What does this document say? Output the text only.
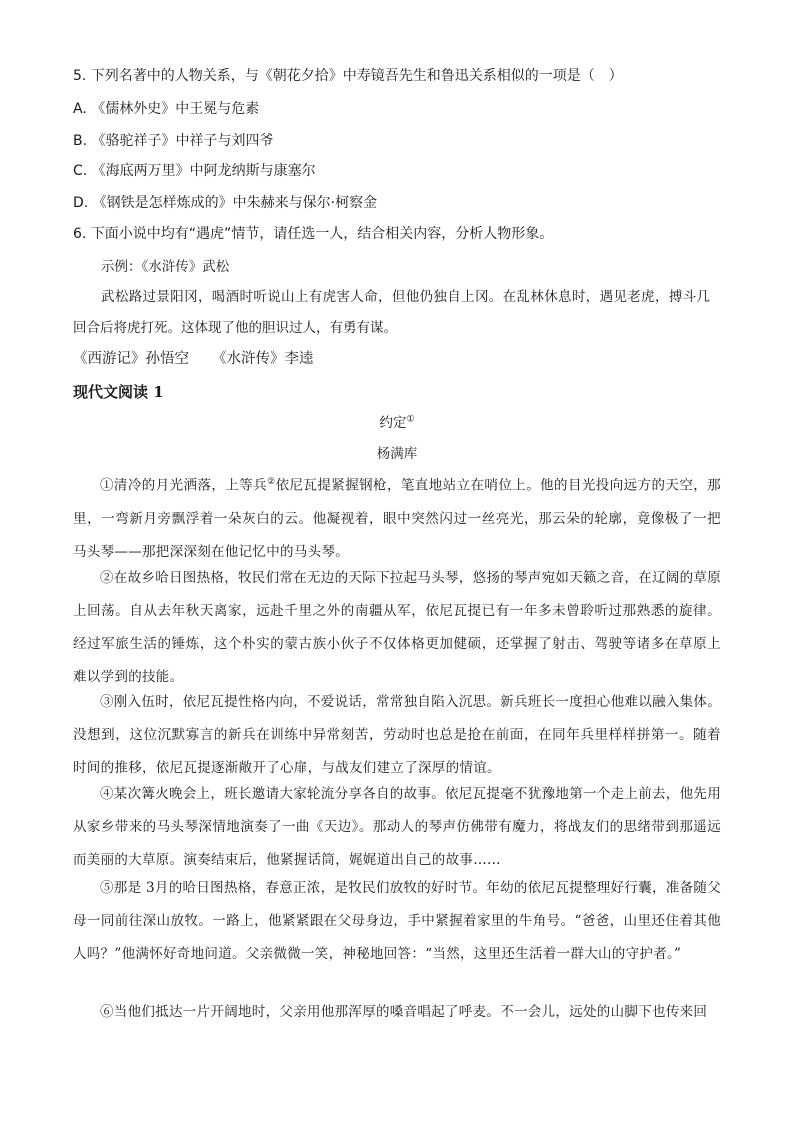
5. 下列名著中的人物关系，与《朝花夕拾》中寿镜吾先生和鲁迅关系相似的一项是（　）
A. 《儒林外史》中王冕与危素
B. 《骆驼祥子》中祥子与刘四爷
C. 《海底两万里》中阿龙纳斯与康塞尔
D. 《钢铁是怎样炼成的》中朱赫来与保尔·柯察金
6. 下面小说中均有“遇虎”情节，请任选一人，结合相关内容，分析人物形象。
示例：《水浒传》武松
武松路过景阳冈，喝酒时听说山上有虎害人命，但他仍独自上冈。在乱林休息时，遇见老虎，搏斗几
回合后将虎打死。这体现了他的胆识过人，有勇有谋。
《西游记》孙悟空 《水浒传》李逵
现代文阅读 1
约定①
杨满库
①清冷的月光洒落，上等兵②依尼瓦提紧握钢枪，笔直地站立在哨位上。他的目光投向远方的天空，那里，一弯新月旁飘浮着一朵灰白的云。他凝视着，眼中突然闪过一丝亮光，那云朵的轮廓，竟像极了一把马头琴——那把深深刻在他记忆中的马头琴。
②在故乡哈日图热格，牧民们常在无边的天际下拉起马头琴，悠扬的琴声宛如天籁之音，在辽阔的草原上回荡。自从去年秋天离家，远赴千里之外的南疆从军，依尼瓦提已有一年多未曾聆听过那熟悉的旋律。经过军旅生活的锤炼，这个朴实的蒙古族小伙子不仅体格更加健硕，还掌握了射击、驾驶等诸多在草原上难以学到的技能。
③刚入伍时，依尼瓦提性格内向，不爱说话，常常独自陷入沉思。新兵班长一度担心他难以融入集体。没想到，这位沉默寡言的新兵在训练中异常刻苦，劳动时也总是抢在前面，在同年兵里样样拼第一。随着时间的推移，依尼瓦提逐渐敞开了心扉，与战友们建立了深厚的情谊。
④某次篝火晚会上，班长邀请大家轮流分享各自的故事。依尼瓦提毫不犹豫地第一个走上前去，他先用从家乡带来的马头琴深情地演奏了一曲《天边》。那动人的琴声仿佛带有魔力，将战友们的思绪带到那遥远而美丽的大草原。演奏结束后，他紧握话筒，娓娓道出自己的故事……
⑤那是 3月的哈日图热格，春意正浓，是牧民们放牧的好时节。年幼的依尼瓦提整理好行囊，准备随父母一同前往深山放牧。一路上，他紧紧跟在父母身边，手中紧握着家里的牛角号。“爸爸，山里还住着其他人吗？”他满怀好奇地问道。父亲微微一笑，神秘地回答：“当然，这里还生活着一群大山的守护者。”
⑥当他们抵达一片开阔地时，父亲用他那浑厚的嗓音唱起了呼麦。不一会儿，远处的山脚下也传来回
